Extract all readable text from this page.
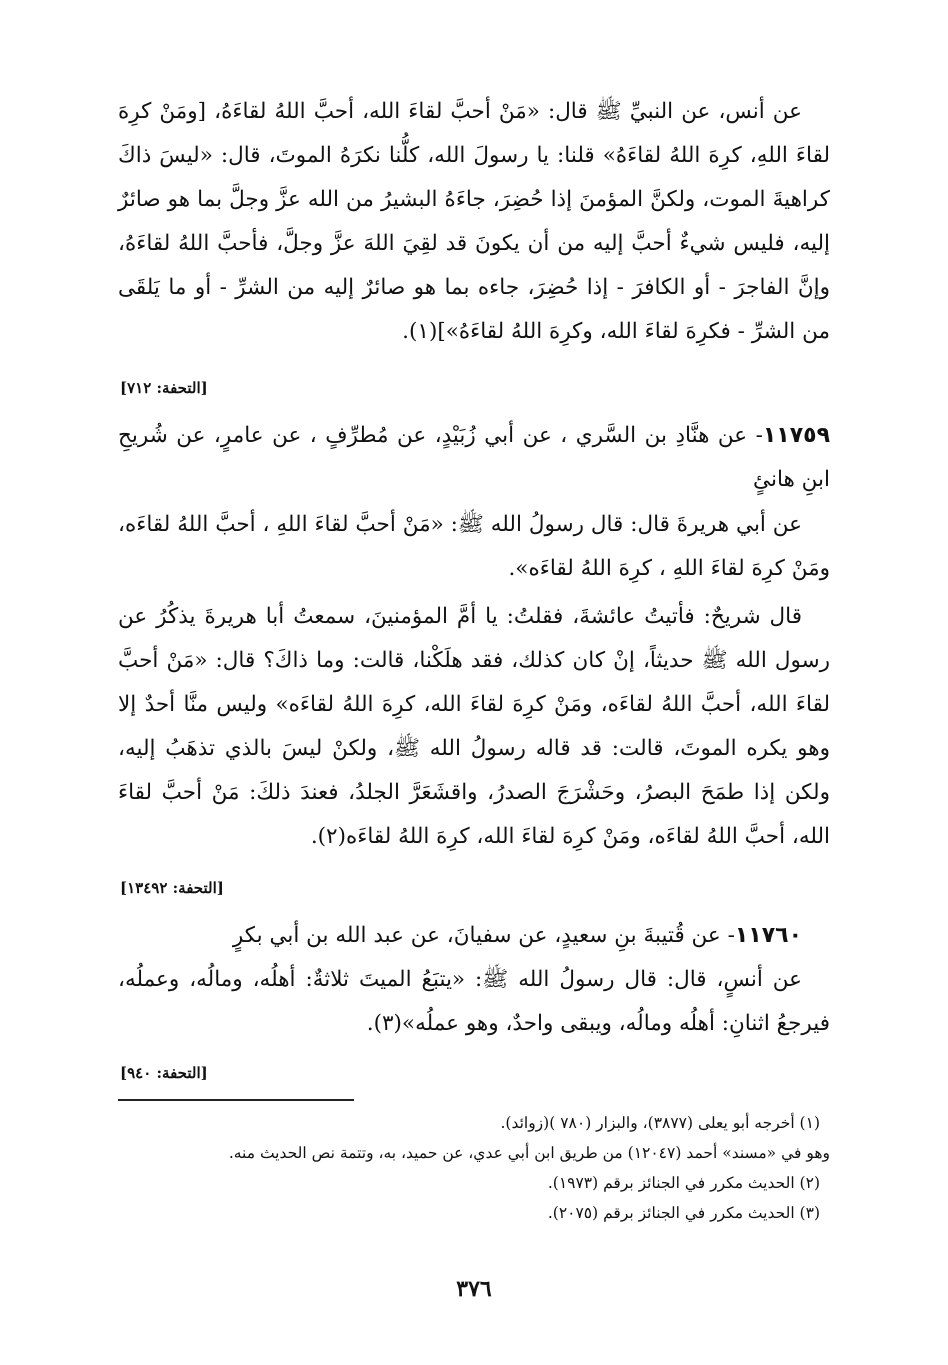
عن أنس، عن النبيِّ ﷺ قال: «مَنْ أحبَّ لقاءَ الله، أحبَّ اللهُ لقاءَهُ، [ومَنْ كرِهَ لقاءَ اللهِ، كرِهَ اللهُ لقاءَهُ» قلنا: يا رسولَ الله، كلُّنا نكرَهُ الموتَ، قال: «ليسَ ذاكَ كراهيةَ الموت، ولكنَّ المؤمنَ إذا حُضِرَ، جاءَهُ البشيرُ من الله عزَّ وجلَّ بما هو صائرٌ إليه، فليس شيءٌ أحبَّ إليه من أن يكونَ قد لقِيَ اللهَ عزَّ وجلَّ، فأحبَّ اللهُ لقاءَهُ، وإنَّ الفاجرَ - أو الكافرَ - إذا حُضِرَ، جاءه بما هو صائرٌ إليه من الشرِّ - أو ما يَلقَى من الشرِّ - فكرِهَ لقاءَ الله، وكرِهَ اللهُ لقاءَهُ»](١).

[التحفة: ٧١٢]

١١٧٥٩- عن هنَّادِ بن السَّري ، عن أبي زُبَيْدٍ، عن مُطرِّفٍ ، عن عامرٍ، عن شُريحِ ابنِ هانئٍ

عن أبي هريرةَ قال: قال رسولُ الله ﷺ: «مَنْ أحبَّ لقاءَ اللهِ ، أحبَّ اللهُ لقاءَه، ومَنْ كرِهَ لقاءَ اللهِ ، كرِهَ اللهُ لقاءَه».

قال شريحٌ: فأتيتُ عائشةَ، فقلتُ: يا أمَّ المؤمنينَ، سمعتُ أبا هريرةَ يذكُرُ عن رسول الله ﷺ حديثاً، إنْ كان كذلك، فقد هلَكْنا، قالت: وما ذاكَ؟ قال: «مَنْ أحبَّ لقاءَ الله، أحبَّ اللهُ لقاءَه، ومَنْ كرِهَ لقاءَ الله، كرِهَ اللهُ لقاءَه» وليس منَّا أحدٌ إلا وهو يكره الموتَ، قالت: قد قاله رسولُ الله ﷺ، ولكنْ ليسَ بالذي تذهَبُ إليه، ولكن إذا طمَحَ البصرُ، وحَشْرَجَ الصدرُ، واقشَعَرَّ الجلدُ، فعندَ ذلكَ: مَنْ أحبَّ لقاءَ الله، أحبَّ اللهُ لقاءَه، ومَنْ كرِهَ لقاءَ الله، كرِهَ اللهُ لقاءَه(٢).

[التحفة: ١٣٤٩٢]

١١٧٦٠- عن قُتيبةَ بنِ سعيدٍ، عن سفيانَ، عن عبد الله بن أبي بكرٍ

عن أنسٍ، قال: قال رسولُ الله ﷺ: «يتبَعُ الميتَ ثلاثةٌ: أهلُه، ومالُه، وعملُه، فيرجعُ اثنانِ: أهلُه ومالُه، ويبقى واحدٌ، وهو عملُه»(٣).

[التحفة: ٩٤٠]

(١) أخرجه أبو يعلى (٣٨٧٧)، والبزار (٧٨٠ )(زوائد).

وهو في «مسند» أحمد (١٢٠٤٧) من طريق ابن أبي عدي، عن حميد، به، وتتمة نص الحديث منه.

(٢) الحديث مكرر في الجنائز برقم (١٩٧٣).

(٣) الحديث مكرر في الجنائز برقم (٢٠٧٥).

٣٧٦
